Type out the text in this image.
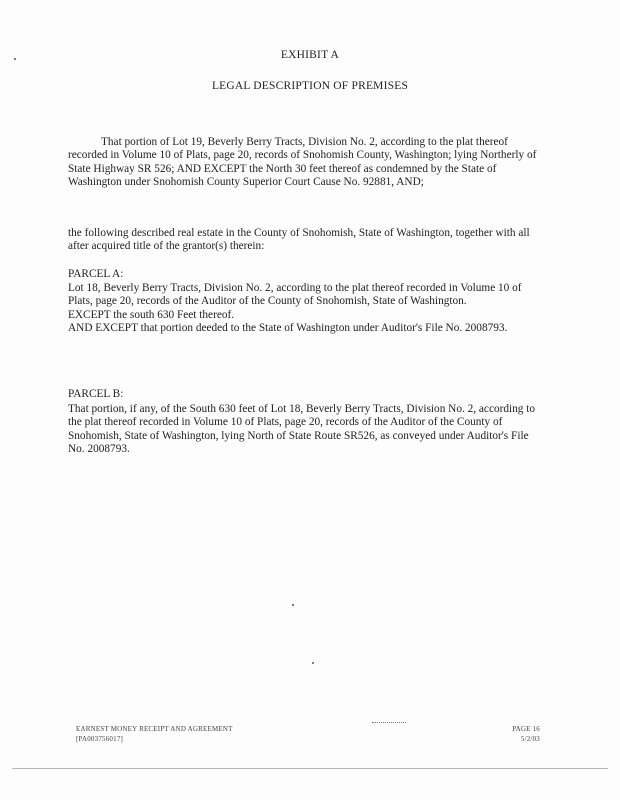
EXHIBIT A
LEGAL DESCRIPTION OF PREMISES
That portion of Lot 19, Beverly Berry Tracts, Division No. 2, according to the plat thereof recorded in Volume 10 of Plats, page 20, records of Snohomish County, Washington; lying Northerly of State Highway SR 526; AND EXCEPT the North 30 feet thereof as condemned by the State of Washington under Snohomish County Superior Court Cause No. 92881, AND;
the following described real estate in the County of Snohomish, State of Washington, together with all after acquired title of the grantor(s) therein:
PARCEL A:
Lot 18, Beverly Berry Tracts, Division No. 2, according to the plat thereof recorded in Volume 10 of Plats, page 20, records of the Auditor of the County of Snohomish, State of Washington.
EXCEPT the south 630 Feet thereof.
AND EXCEPT that portion deeded to the State of Washington under Auditor's File No. 2008793.
PARCEL B:
That portion, if any, of the South 630 feet of Lot 18, Beverly Berry Tracts, Division No. 2, according to the plat thereof recorded in Volume 10 of Plats, page 20, records of the Auditor of the County of Snohomish, State of Washington, lying North of State Route SR526, as conveyed under Auditor's File No. 2008793.
EARNEST MONEY RECEIPT AND AGREEMENT
[PA003756017]
PAGE 16
5/2/03
